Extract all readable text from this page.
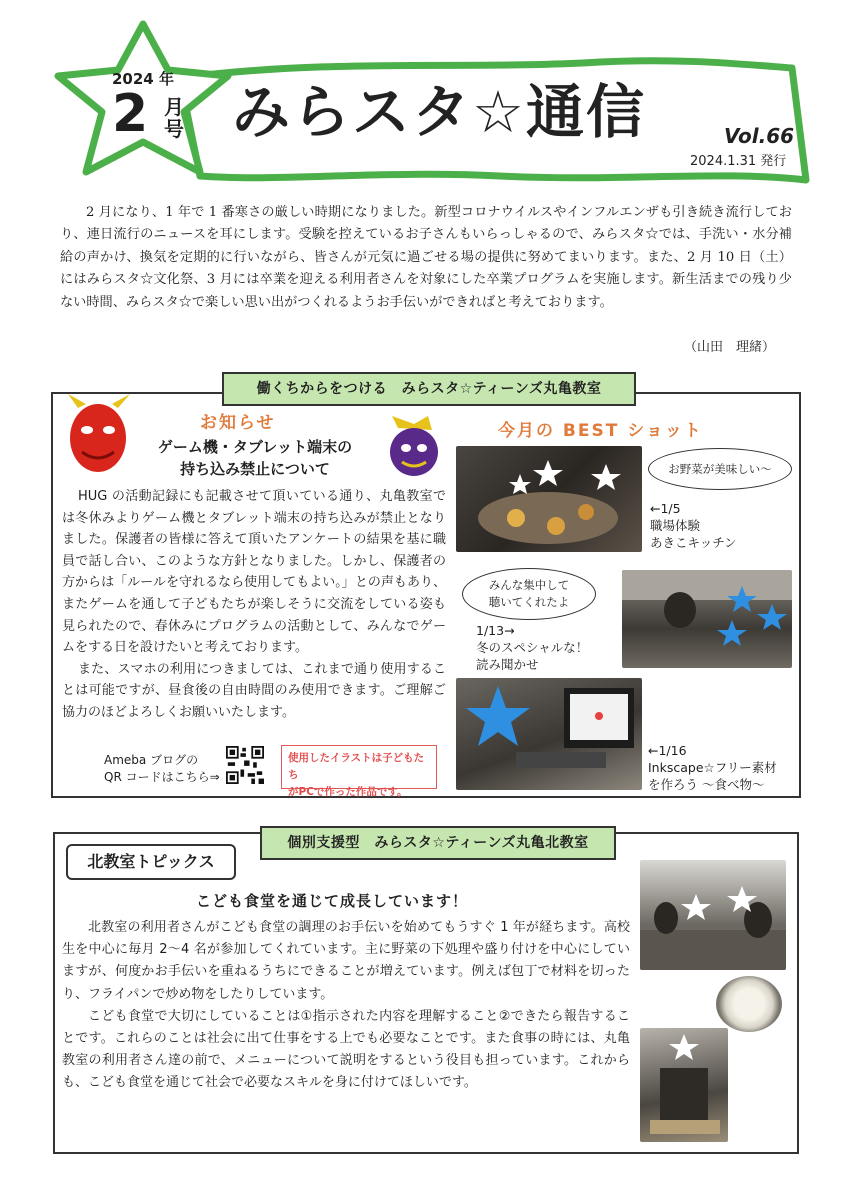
2024 年
2 月号 みらスタ☆通信	Vol.66
2024.1.31 発行
2 月になり、1 年で 1 番寒さの厳しい時期になりました。新型コロナウイルスやインフルエンザも引き続き流行しており、連日流行のニュースを耳にします。受験を控えているお子さんもいらっしゃるので、みらスタ☆では、手洗い・水分補給の声かけ、換気を定期的に行いながら、皆さんが元気に過ごせる場の提供に努めてまいります。また、2 月 10 日（土）にはみらスタ☆文化祭、3 月には卒業を迎える利用者さんを対象にした卒業プログラムを実施します。新生活までの残り少ない時間、みらスタ☆で楽しい思い出がつくれるようお手伝いができればと考えております。
（山田　理緒）
働くちからをつける　みらスタ☆ティーンズ丸亀教室
お知らせ
ゲーム機・タブレット端末の
持ち込み禁止について
HUG の活動記録にも記載させて頂いている通り、丸亀教室では冬休みよりゲーム機とタブレット端末の持ち込みが禁止となりました。保護者の皆様に答えて頂いたアンケートの結果を基に職員で話し合い、このような方針となりました。しかし、保護者の方からは「ルールを守れるなら使用してもよい。」との声もあり、またゲームを通して子どもたちが楽しそうに交流をしている姿も見られたので、春休みにプログラムの活動として、みんなでゲームをする日を設けたいと考えております。
また、スマホの利用につきましては、これまで通り使用することは可能ですが、昼食後の自由時間のみ使用できます。ご理解ご協力のほどよろしくお願いいたします。
Ameba ブログの
QR コードはこちら⇒
使用したイラストは子どもたち
がPCで作った作品です。
今月の BEST ショット
お野菜が美味しい～
←1/5
職場体験
あきこキッチン
みんな集中して
聴いてくれたよ
1/13→
冬のスペシャルな！
読み聞かせ
←1/16
Inkscape☆フリー素材
を作ろう ～食べ物～
個別支援型　みらスタ☆ティーンズ丸亀北教室
北教室トピックス
こども食堂を通じて成長しています！

北教室の利用者さんがこども食堂の調理のお手伝いを始めてもうすぐ 1 年が経ちます。高校生を中心に毎月 2～4 名が参加してくれています。主に野菜の下処理や盛り付けを中心にしていますが、何度かお手伝いを重ねるうちにできることが増えています。例えば包丁で材料を切ったり、フライパンで炒め物をしたりしています。

こども食堂で大切にしていることは①指示された内容を理解すること②できたら報告することです。これらのことは社会に出て仕事をする上でも必要なことです。また食事の時には、丸亀教室の利用者さん達の前で、メニューについて説明をするという役目も担っています。これからも、こども食堂を通じて社会で必要なスキルを身に付けてほしいです。
